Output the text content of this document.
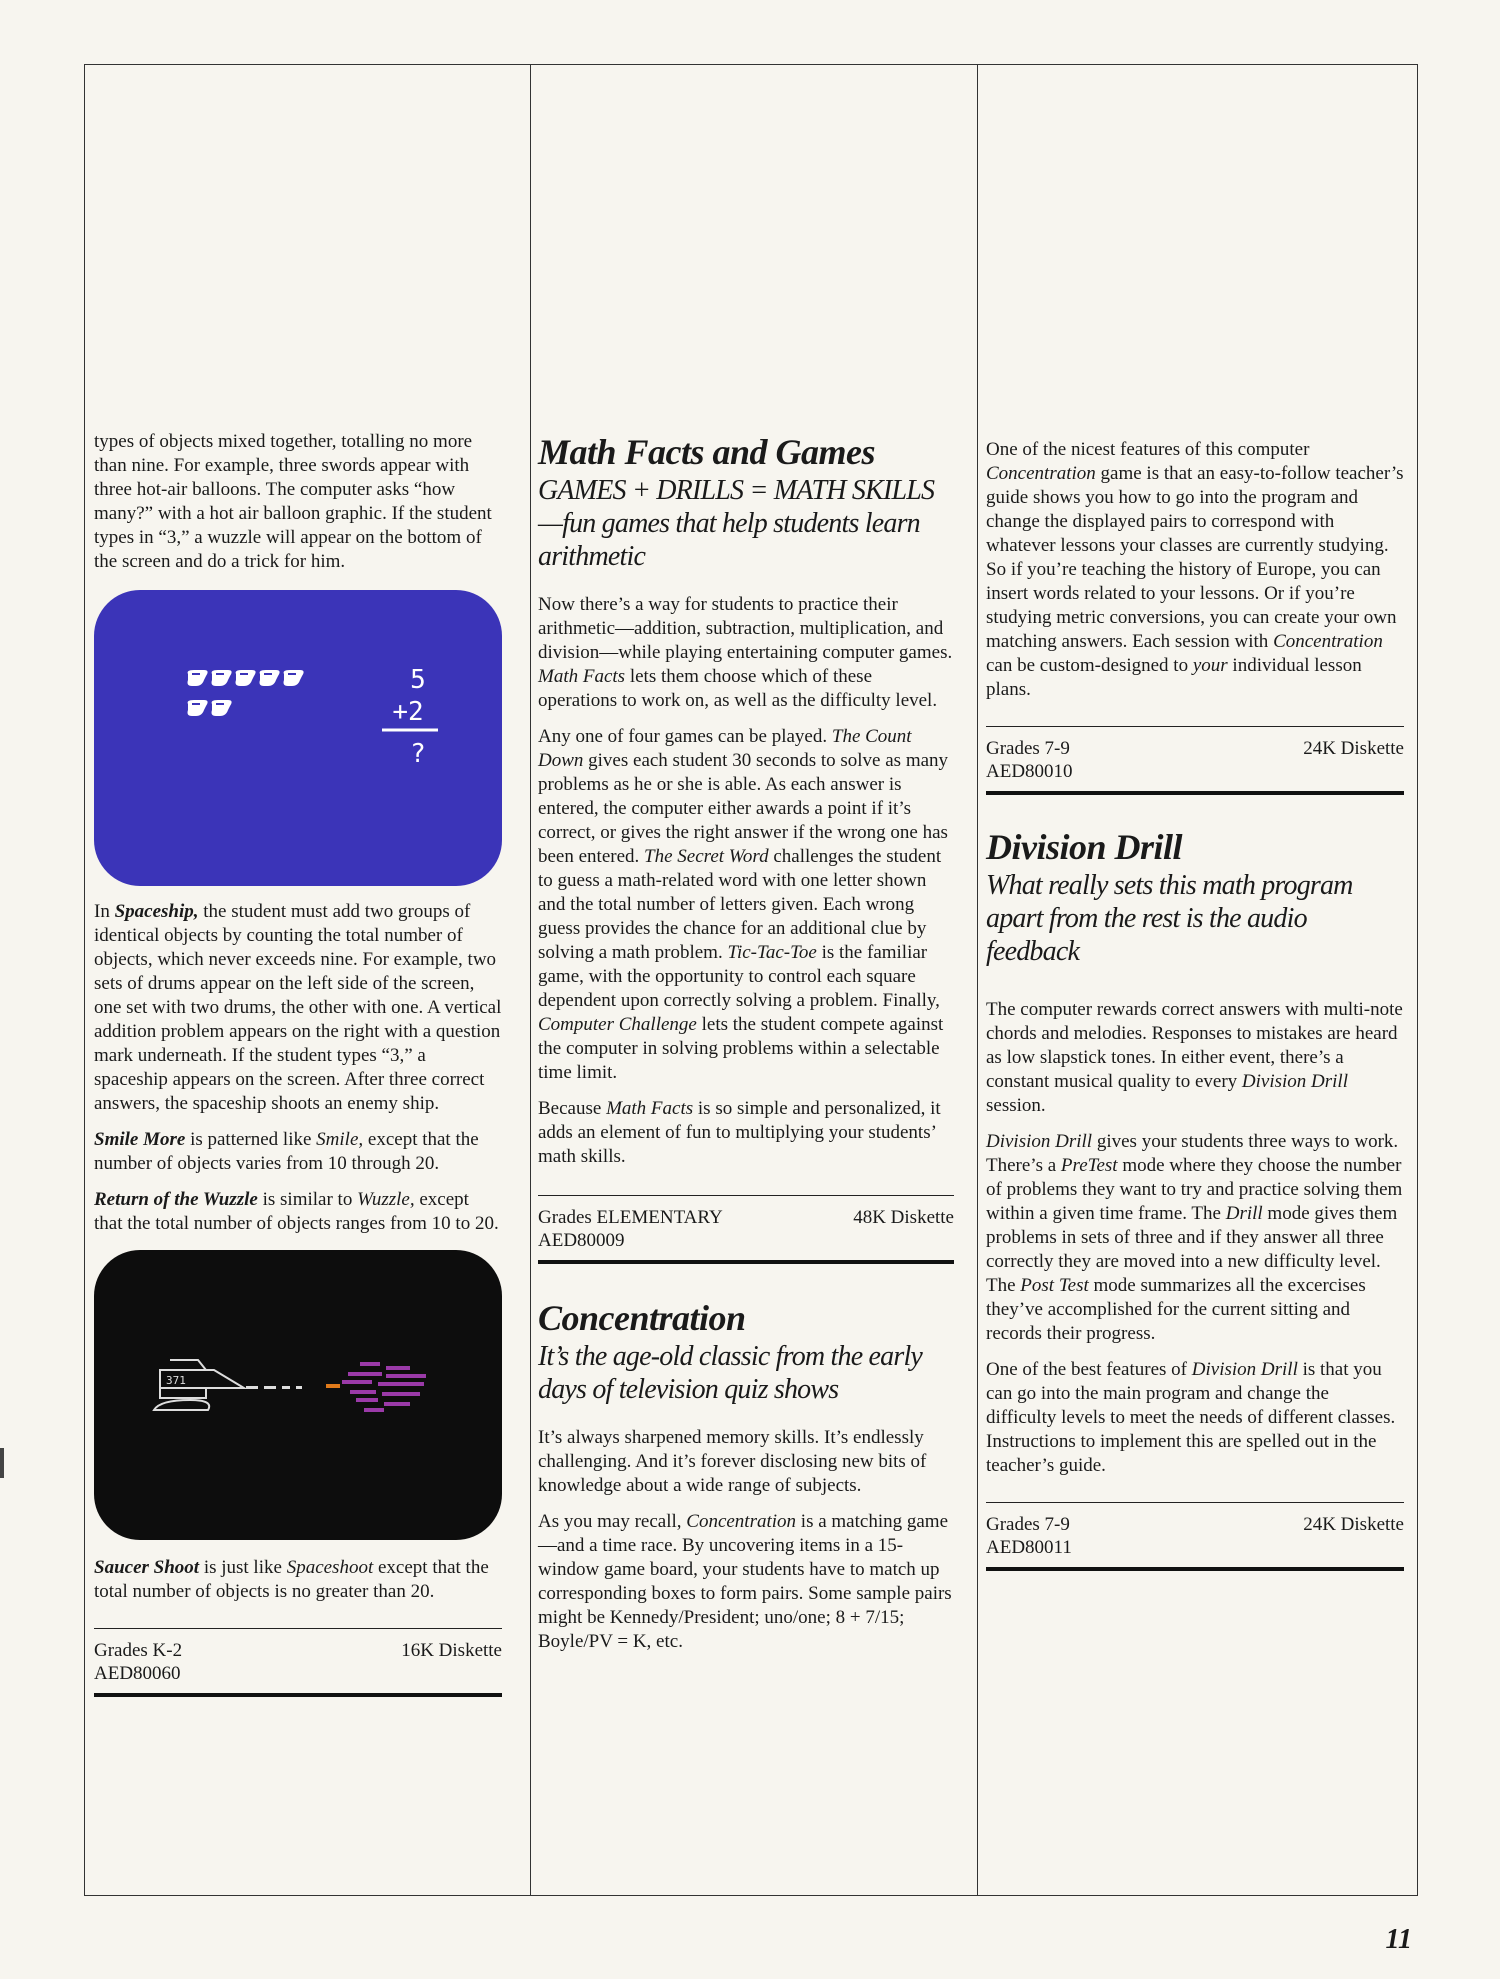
types of objects mixed together, totalling no more than nine. For example, three swords appear with three hot-air balloons. The computer asks “how many?” with a hot air balloon graphic. If the student types in “3,” a wuzzle will appear on the bottom of the screen and do a trick for him.

5
+2
?

In Spaceship, the student must add two groups of identical objects by counting the total number of objects, which never exceeds nine. For example, two sets of drums appear on the left side of the screen, one set with two drums, the other with one. A vertical addition problem appears on the right with a question mark underneath. If the student types “3,” a spaceship appears on the screen. After three correct answers, the spaceship shoots an enemy ship.

Smile More is patterned like Smile, except that the number of objects varies from 10 through 20.

Return of the Wuzzle is similar to Wuzzle, except that the total number of objects ranges from 10 to 20.

371

Saucer Shoot is just like Spaceshoot except that the total number of objects is no greater than 20.

Grades K-2	16K Diskette
AED80060
Math Facts and Games
GAMES + DRILLS = MATH SKILLS—fun games that help students learn arithmetic

Now there’s a way for students to practice their arithmetic—addition, subtraction, multiplication, and division—while playing entertaining computer games. Math Facts lets them choose which of these operations to work on, as well as the difficulty level.

Any one of four games can be played. The Count Down gives each student 30 seconds to solve as many problems as he or she is able. As each answer is entered, the computer either awards a point if it’s correct, or gives the right answer if the wrong one has been entered. The Secret Word challenges the student to guess a math-related word with one letter shown and the total number of letters given. Each wrong guess provides the chance for an additional clue by solving a math problem. Tic-Tac-Toe is the familiar game, with the opportunity to control each square dependent upon correctly solving a problem. Finally, Computer Challenge lets the student compete against the computer in solving problems within a selectable time limit.

Because Math Facts is so simple and personalized, it adds an element of fun to multiplying your students’ math skills.

Grades ELEMENTARY	48K Diskette
AED80009
Concentration
It’s the age-old classic from the early days of television quiz shows

It’s always sharpened memory skills. It’s endlessly challenging. And it’s forever disclosing new bits of knowledge about a wide range of subjects.

As you may recall, Concentration is a matching game—and a time race. By uncovering items in a 15-window game board, your students have to match up corresponding boxes to form pairs. Some sample pairs might be Kennedy/President; uno/one; 8 + 7/15; Boyle/PV = K, etc.

One of the nicest features of this computer Concentration game is that an easy-to-follow teacher’s guide shows you how to go into the program and change the displayed pairs to correspond with whatever lessons your classes are currently studying. So if you’re teaching the history of Europe, you can insert words related to your lessons. Or if you’re studying metric conversions, you can create your own matching answers. Each session with Concentration can be custom-designed to your individual lesson plans.

Grades 7-9	24K Diskette
AED80010
Division Drill
What really sets this math program apart from the rest is the audio feedback

The computer rewards correct answers with multi-note chords and melodies. Responses to mistakes are heard as low slapstick tones. In either event, there’s a constant musical quality to every Division Drill session.

Division Drill gives your students three ways to work. There’s a PreTest mode where they choose the number of problems they want to try and practice solving them within a given time frame. The Drill mode gives them problems in sets of three and if they answer all three correctly they are moved into a new difficulty level. The Post Test mode summarizes all the excercises they’ve accomplished for the current sitting and records their progress.

One of the best features of Division Drill is that you can go into the main program and change the difficulty levels to meet the needs of different classes. Instructions to implement this are spelled out in the teacher’s guide.

Grades 7-9	24K Diskette
AED80011
11
